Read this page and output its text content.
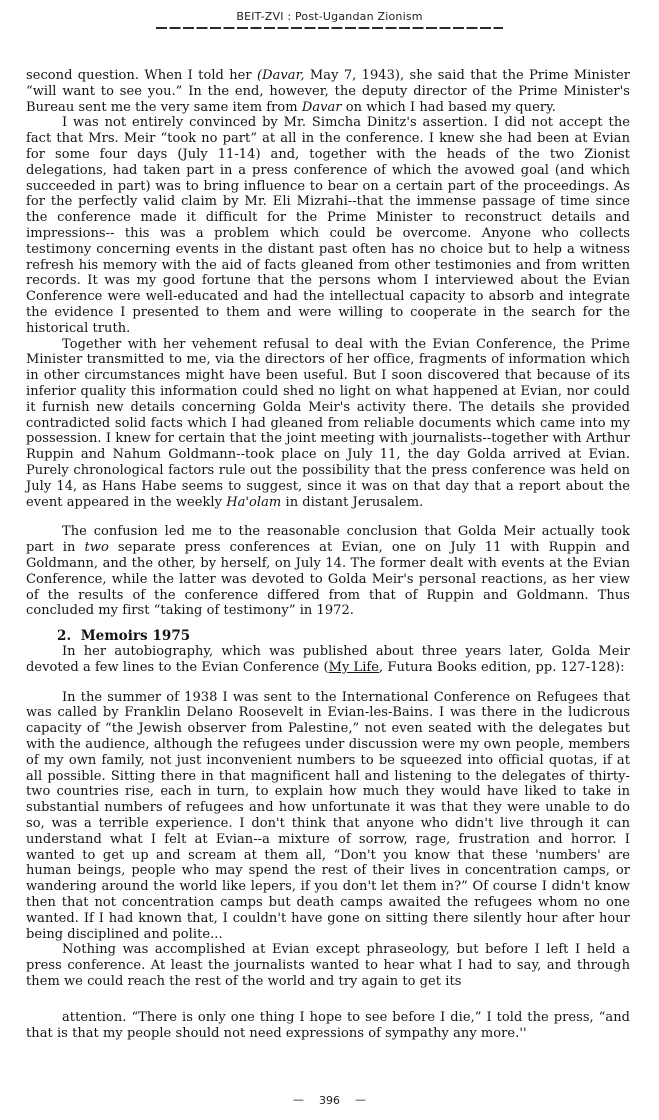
BEIT-ZVI : Post-Ugandan Zionism

second question. When I told her (Davar, May 7, 1943), she said that the Prime Minister “will want to see you.” In the end, however, the deputy director of the Prime Minister's Bureau sent me the very same item from Davar on which I had based my query.

I was not entirely convinced by Mr. Simcha Dinitz's assertion. I did not accept the fact that Mrs. Meir “took no part” at all in the conference. I knew she had been at Evian for some four days (July 11-14) and, together with the heads of the two Zionist delegations, had taken part in a press conference of which the avowed goal (and which succeeded in part) was to bring influence to bear on a certain part of the proceedings. As for the perfectly valid claim by Mr. Eli Mizrahi--that the immense passage of time since the conference made it difficult for the Prime Minister to reconstruct details and impressions-- this was a problem which could be overcome. Anyone who collects testimony concerning events in the distant past often has no choice but to help a witness refresh his memory with the aid of facts gleaned from other testimonies and from written records. It was my good fortune that the persons whom I interviewed about the Evian Conference were well-educated and had the intellectual capacity to absorb and integrate the evidence I presented to them and were willing to cooperate in the search for the historical truth.

Together with her vehement refusal to deal with the Evian Conference, the Prime Minister transmitted to me, via the directors of her office, fragments of information which in other circumstances might have been useful. But I soon discovered that because of its inferior quality this information could shed no light on what happened at Evian, nor could it furnish new details concerning Golda Meir's activity there. The details she provided contradicted solid facts which I had gleaned from reliable documents which came into my possession. I knew for certain that the joint meeting with journalists--together with Arthur Ruppin and Nahum Goldmann--took place on July 11, the day Golda arrived at Evian. Purely chronological factors rule out the possibility that the press conference was held on July 14, as Hans Habe seems to suggest, since it was on that day that a report about the event appeared in the weekly Ha'olam in distant Jerusalem.

The confusion led me to the reasonable conclusion that Golda Meir actually took part in two separate press conferences at Evian, one on July 11 with Ruppin and Goldmann, and the other, by herself, on July 14. The former dealt with events at the Evian Conference, while the latter was devoted to Golda Meir's personal reactions, as her view of the results of the conference differed from that of Ruppin and Goldmann. Thus concluded my first “taking of testimony” in 1972.

2.  Memoirs 1975

In her autobiography, which was published about three years later, Golda Meir devoted a few lines to the Evian Conference (My Life, Futura Books edition, pp. 127-128):

In the summer of 1938 I was sent to the International Conference on Refugees that was called by Franklin Delano Roosevelt in Evian-les-Bains. I was there in the ludicrous capacity of “the Jewish observer from Palestine,” not even seated with the delegates but with the audience, although the refugees under discussion were my own people, members of my own family, not just inconvenient numbers to be squeezed into official quotas, if at all possible. Sitting there in that magnificent hall and listening to the delegates of thirty-two countries rise, each in turn, to explain how much they would have liked to take in substantial numbers of refugees and how unfortunate it was that they were unable to do so, was a terrible experience. I don't think that anyone who didn't live through it can understand what I felt at Evian--a mixture of sorrow, rage, frustration and horror. I wanted to get up and scream at them all, “Don't you know that these 'numbers' are human beings, people who may spend the rest of their lives in concentration camps, or wandering around the world like lepers, if you don't let them in?” Of course I didn't know then that not concentration camps but death camps awaited the refugees whom no one wanted. If I had known that, I couldn't have gone on sitting there silently hour after hour being disciplined and polite...

Nothing was accomplished at Evian except phraseology, but before I left I held a press conference. At least the journalists wanted to hear what I had to say, and through them we could reach the rest of the world and try again to get its

attention. “There is only one thing I hope to see before I die,” I told the press, “and that is that my people should not need expressions of sympathy any more.''

— 396 —
